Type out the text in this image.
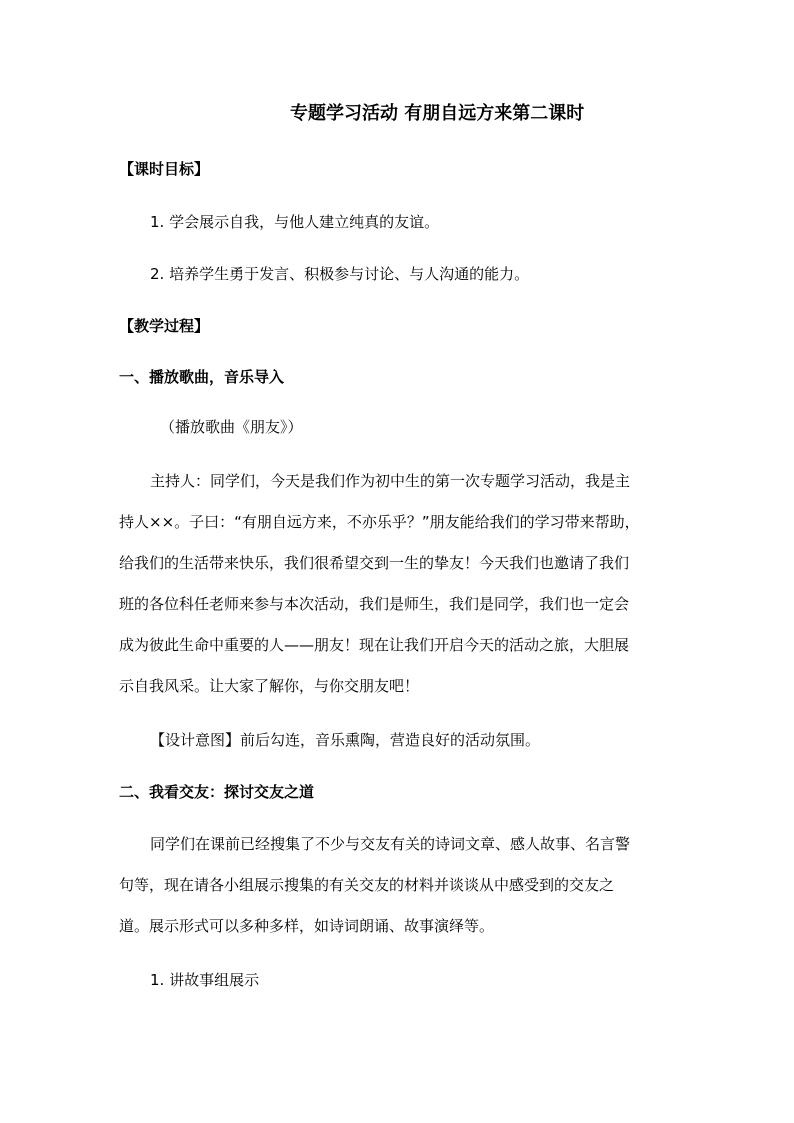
专题学习活动 有朋自远方来第二课时
【课时目标】
1. 学会展示自我，与他人建立纯真的友谊。
2. 培养学生勇于发言、积极参与讨论、与人沟通的能力。
【教学过程】
一、播放歌曲，音乐导入
（播放歌曲《朋友》）
主持人：同学们，今天是我们作为初中生的第一次专题学习活动，我是主
持人××。子曰：“有朋自远方来，不亦乐乎？”朋友能给我们的学习带来帮助，
给我们的生活带来快乐，我们很希望交到一生的挚友！今天我们也邀请了我们
班的各位科任老师来参与本次活动，我们是师生，我们是同学，我们也一定会
成为彼此生命中重要的人——朋友！现在让我们开启今天的活动之旅，大胆展
示自我风采。让大家了解你，与你交朋友吧！
【设计意图】前后勾连，音乐熏陶，营造良好的活动氛围。
二、我看交友：探讨交友之道
同学们在课前已经搜集了不少与交友有关的诗词文章、感人故事、名言警
句等，现在请各小组展示搜集的有关交友的材料并谈谈从中感受到的交友之
道。展示形式可以多种多样，如诗词朗诵、故事演绎等。
1. 讲故事组展示
